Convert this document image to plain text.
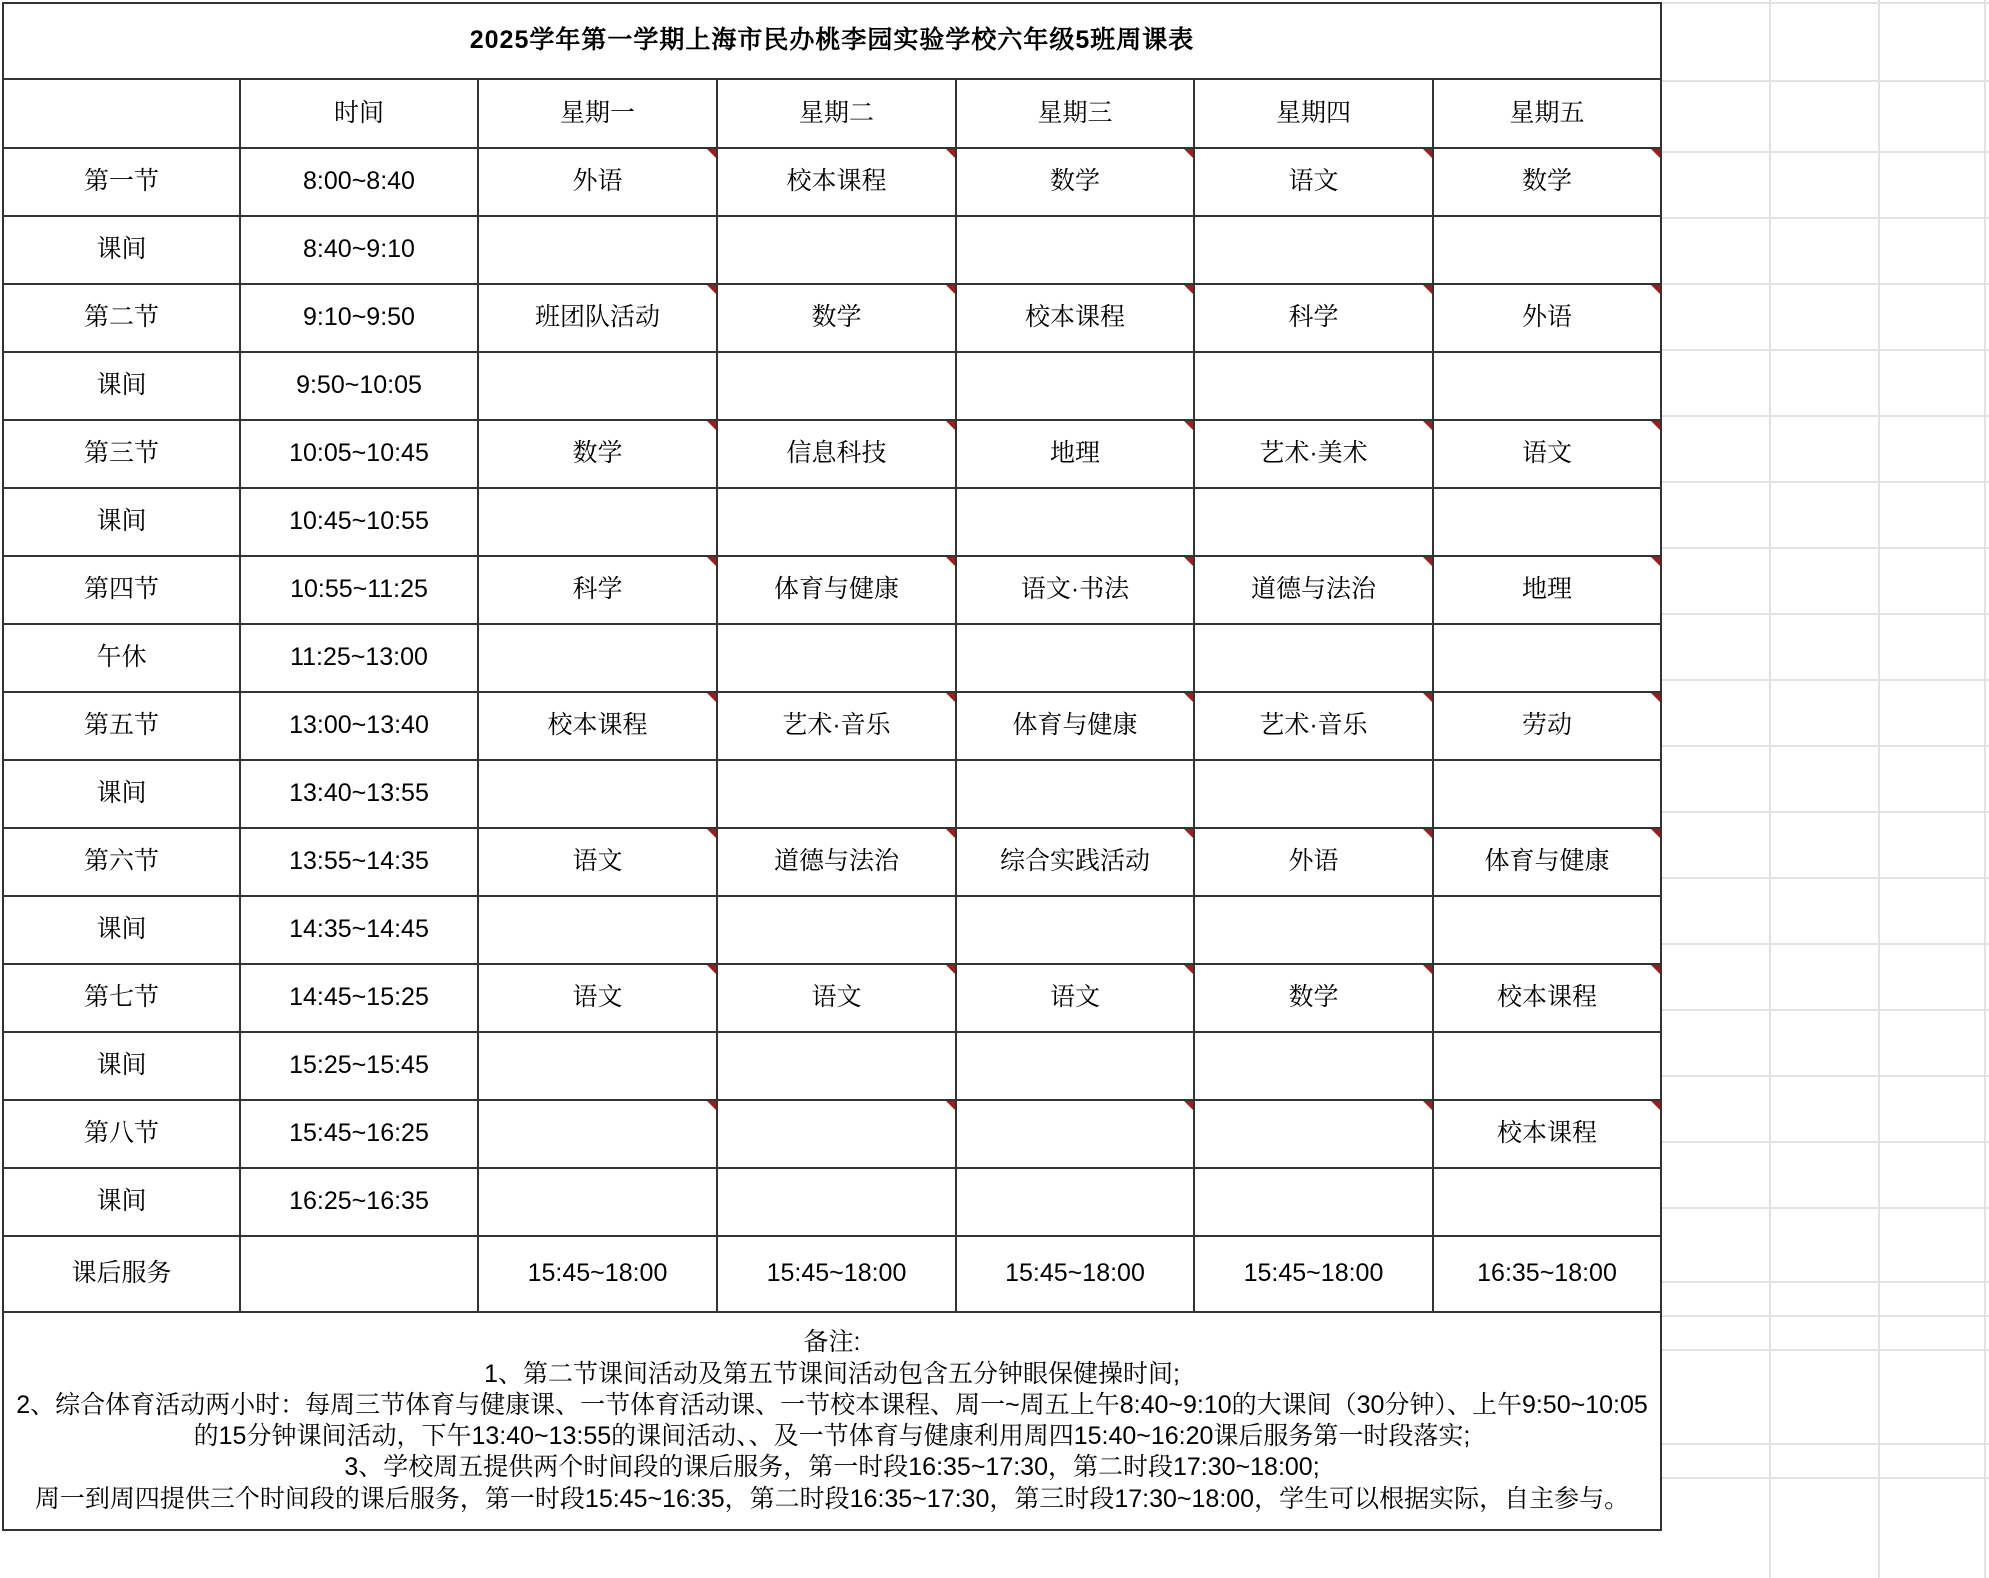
2025学年第一学期上海市民办桃李园实验学校六年级5班周课表						
	时间	星期一	星期二	星期三	星期四	星期五
第一节	8:00~8:40	外语	校本课程	数学	语文	数学

课间	8:40~9:10					
第二节	9:10~9:50	班团队活动	数学	校本课程	科学	外语

课间	9:50~10:05					
第三节	10:05~10:45	数学	信息科技	地理	艺术·美术	语文

课间	10:45~10:55					
第四节	10:55~11:25	科学	体育与健康	语文·书法	道德与法治	地理

午休	11:25~13:00					
第五节	13:00~13:40	校本课程	艺术·音乐	体育与健康	艺术·音乐	劳动

课间	13:40~13:55					
第六节	13:55~14:35	语文	道德与法治	综合实践活动	外语	体育与健康

课间	14:35~14:45					
第七节	14:45~15:25	语文	语文	语文	数学	校本课程

课间	15:25~15:45					
第八节	15:45~16:25					校本课程

课间	16:25~16:35					
课后服务		15:45~18:00	15:45~18:00	15:45~18:00	15:45~18:00	16:35~18:00

备注:
1、第二节课间活动及第五节课间活动包含五分钟眼保健操时间;
2、综合体育活动两小时：每周三节体育与健康课、一节体育活动课、一节校本课程、周一~周五上午8:40~9:10的大课间（30分钟）、上午9:50~10:05的15分钟课间活动，下午13:40~13:55的课间活动、、及一节体育与健康利用周四15:40~16:20课后服务第一时段落实;
3、学校周五提供两个时间段的课后服务，第一时段16:35~17:30，第二时段17:30~18:00;
周一到周四提供三个时间段的课后服务，第一时段15:45~16:35，第二时段16:35~17:30，第三时段17:30~18:00，学生可以根据实际，自主参与。						
